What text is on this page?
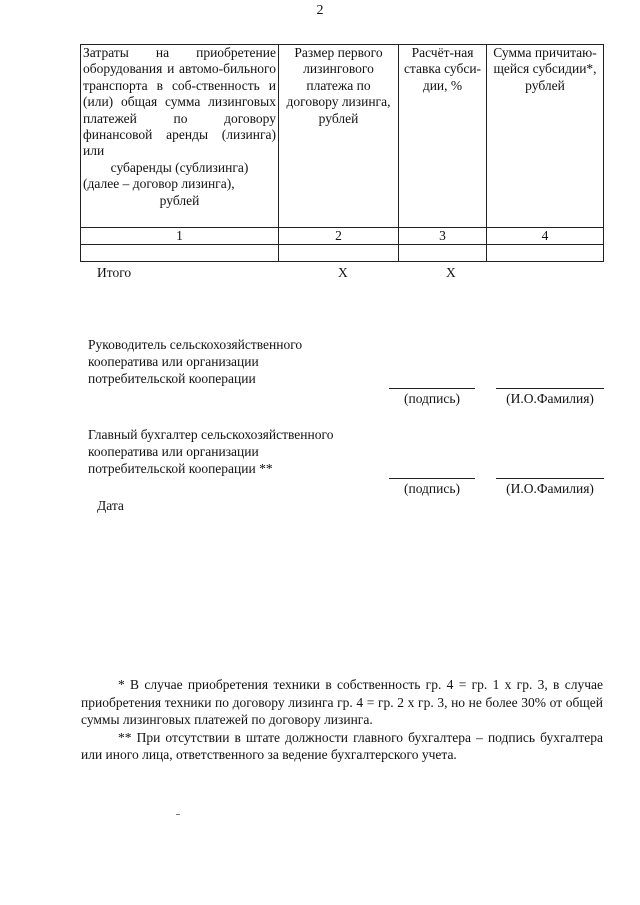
2
Затраты на приобретение оборудования и автомо-бильного транспорта в соб-ственность и (или) общая сумма лизинговых платежей по договору финансовой аренды (лизинга) или
субаренды (сублизинга)
(далее – договор лизинга),
рублей	Размер первого лизингового платежа по договору лизинга, рублей	Расчёт-ная ставка субси-дии, %	Сумма причитаю-щейся субсидии*, рублей
1	2	3	4

Итого	X	X
Руководитель сельскохозяйственного
кооператива или организации
потребительской кооперации
(подпись)	(И.О.Фамилия)
Главный бухгалтер сельскохозяйственного
кооператива или организации
потребительской кооперации **
(подпись)	(И.О.Фамилия)
Дата

* В случае приобретения техники в собственность гр. 4 = гр. 1 х гр. 3, в случае приобретения техники по договору лизинга гр. 4 = гр. 2 х гр. 3, но не более 30% от общей суммы лизинговых платежей по договору лизинга.

** При отсутствии в штате должности главного бухгалтера – подпись бухгалтера или иного лица, ответственного за ведение бухгалтерского учета.
